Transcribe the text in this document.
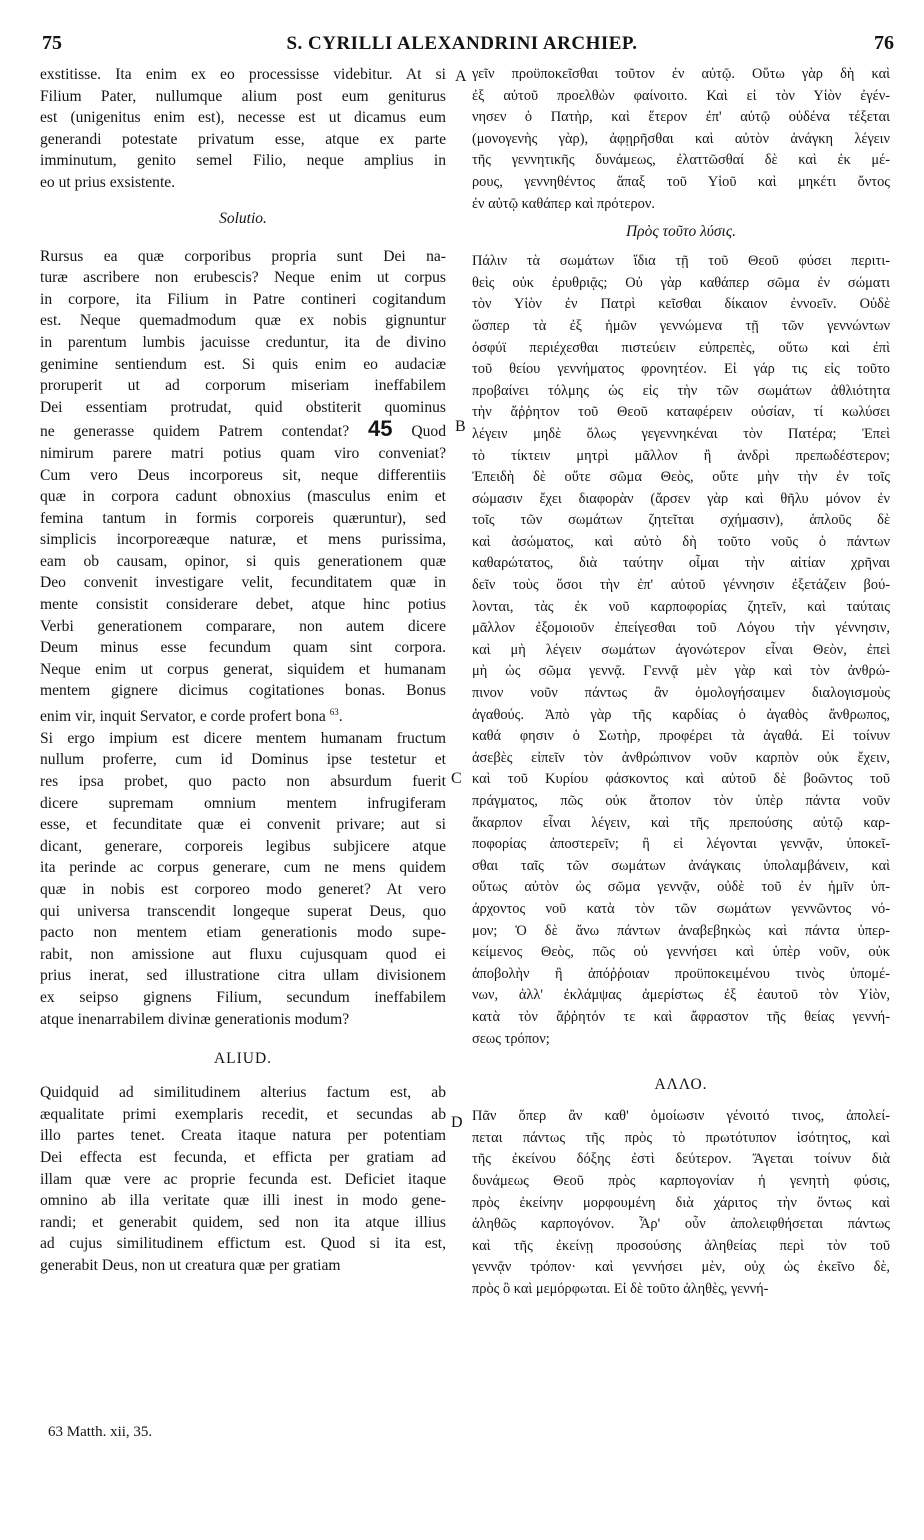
75	S. CYRILLI ALEXANDRINI ARCHIEP.	76
exstitisse. Ita enim ex eo processisse videbitur. At si
Filium Pater, nullumque alium post eum geniturus
est (unigenitus enim est), necesse est ut dicamus eum
generandi potestate privatum esse, atque ex parte
imminutum, genito semel Filio, neque amplius in
eo ut prius exsistente.

Solutio.

Rursus ea quæ corporibus propria sunt Dei na-
turæ ascribere non erubescis? Neque enim ut corpus
in corpore, ita Filium in Patre contineri cogitandum
est. Neque quemadmodum quæ ex nobis gignuntur
in parentum lumbis jacuisse creduntur, ita de divino
genimine sentiendum est. Si quis enim eo audaciæ
proruperit ut ad corporum miseriam ineffabilem
Dei essentiam protrudat, quid obstiterit quominus
ne generasse quidem Patrem contendat? 45 Quod
nimirum parere matri potius quam viro conveniat?
Cum vero Deus incorporeus sit, neque differentiis
quæ in corpora cadunt obnoxius (masculus enim et
femina tantum in formis corporeis quæruntur), sed
simplicis incorporeæque naturæ, et mens purissima,
eam ob causam, opinor, si quis generationem quæ
Deo convenit investigare velit, fecunditatem quæ in
mente consistit considerare debet, atque hinc potius
Verbi generationem comparare, non autem dicere
Deum minus esse fecundum quam sint corpora.
Neque enim ut corpus generat, siquidem et humanam
mentem gignere dicimus cogitationes bonas. Bonus
enim vir, inquit Servator, e corde profert bona $^{63}$.
Si ergo impium est dicere mentem humanam fructum
nullum proferre, cum id Dominus ipse testetur et
res ipsa probet, quo pacto non absurdum fuerit
dicere supremam omnium mentem infrugiferam
esse, et fecunditate quæ ei convenit privare; aut si
dicant, generare, corporeis legibus subjicere atque
ita perinde ac corpus generare, cum ne mens quidem
quæ in nobis est corporeo modo generet? At vero
qui universa transcendit longeque superat Deus, quo
pacto non mentem etiam generationis modo supe-
rabit, non amissione aut fluxu cujusquam quod ei
prius inerat, sed illustratione citra ullam divisionem
ex seipso gignens Filium, secundum ineffabilem
atque inenarrabilem divinæ generationis modum?

ALIUD.

Quidquid ad similitudinem alterius factum est, ab
æqualitate primi exemplaris recedit, et secundas ab
illo partes tenet. Creata itaque natura per potentiam
Dei effecta est fecunda, et efficta per gratiam ad
illam quæ vere ac proprie fecunda est. Deficiet itaque
omnino ab illa veritate quæ illi inest in modo gene-
randi; et generabit quidem, sed non ita atque illius
ad cujus similitudinem effictum est. Quod si ita est,
generabit Deus, non ut creatura quæ per gratiam
γεῖν προϋποκεῖσθαι τοῦτον ἐν αὐτῷ. Οὕτω γὰρ δὴ καὶ
ἐξ αὐτοῦ προελθὼν φαίνοιτο. Καὶ εἰ τὸν Υἱὸν ἐγέν-
νησεν ὁ Πατὴρ, καὶ ἕτερον ἐπ' αὐτῷ οὐδένα τέξεται
(μονογενὴς γὰρ), ἀφῃρῆσθαι καὶ αὐτὸν ἀνάγκη λέγειν
τῆς γεννητικῆς δυνάμεως, ἐλαττῶσθαί δὲ καὶ ἐκ μέ-
ρους, γεννηθέντος ἅπαξ τοῦ Υἱοῦ καὶ μηκέτι ὄντος
ἐν αὐτῷ καθάπερ καὶ πρότερον.

Πρὸς τοῦτο λύσις.

Πάλιν τὰ σωμάτων ἴδια τῇ τοῦ Θεοῦ φύσει περιτι-
θεὶς οὐκ ἐρυθριᾷς; Οὐ γὰρ καθάπερ σῶμα ἐν σώματι
τὸν Υἱὸν ἐν Πατρὶ κεῖσθαι δίκαιον ἐννοεῖν. Οὐδὲ
ὥσπερ τὰ ἐξ ἡμῶν γεννώμενα τῇ τῶν γεννώντων
ὀσφύϊ περιέχεσθαι πιστεύειν εὐπρεπὲς, οὕτω καὶ ἐπὶ
τοῦ θείου γεννήματος φρονητέον. Εἰ γάρ τις εἰς τοῦτο
προβαίνει τόλμης ὡς εἰς τὴν τῶν σωμάτων ἀθλιότητα
τὴν ἄῤῥητον τοῦ Θεοῦ καταφέρειν οὐσίαν, τί κωλύσει
λέγειν μηδὲ ὅλως γεγεννηκέναι τὸν Πατέρα; Ἐπεὶ
τὸ τίκτειν μητρὶ μᾶλλον ἢ ἀνδρὶ πρεπωδέστερον;
Ἐπειδὴ δὲ οὔτε σῶμα Θεὸς, οὔτε μὴν τὴν ἐν τοῖς
σώμασιν ἔχει διαφορὰν (ἄρσεν γὰρ καὶ θῆλυ μόνον ἐν
τοῖς τῶν σωμάτων ζητεῖται σχήμασιν), ἁπλοῦς δὲ
καὶ ἀσώματος, καὶ αὐτὸ δὴ τοῦτο νοῦς ὁ πάντων
καθαρώτατος, διὰ ταύτην οἶμαι τὴν αἰτίαν χρῆναι
δεῖν τοὺς ὅσοι τὴν ἐπ' αὐτοῦ γέννησιν ἐξετάζειν βού-
λονται, τὰς ἐκ νοῦ καρποφορίας ζητεῖν, καὶ ταύταις
μᾶλλον ἐξομοιοῦν ἐπείγεσθαι τοῦ Λόγου τὴν γέννησιν,
καὶ μὴ λέγειν σωμάτων ἀγονώτερον εἶναι Θεὸν, ἐπεὶ
μὴ ὡς σῶμα γεννᾷ. Γεννᾷ μὲν γὰρ καὶ τὸν ἀνθρώ-
πινον νοῦν πάντως ἂν ὁμολογήσαιμεν διαλογισμοὺς
ἀγαθούς. Ἀπὸ γὰρ τῆς καρδίας ὁ ἀγαθὸς ἄνθρωπος,
καθά φησιν ὁ Σωτὴρ, προφέρει τὰ ἀγαθά. Εἰ τοίνυν
ἀσεβὲς εἰπεῖν τὸν ἀνθρώπινον νοῦν καρπὸν οὐκ ἔχειν,
καὶ τοῦ Κυρίου φάσκοντος καὶ αὐτοῦ δὲ βοῶντος τοῦ
πράγματος, πῶς οὐκ ἄτοπον τὸν ὑπὲρ πάντα νοῦν
ἄκαρπον εἶναι λέγειν, καὶ τῆς πρεπούσης αὐτῷ καρ-
ποφορίας ἀποστερεῖν; ἢ εἰ λέγονται γεννᾷν, ὑποκεῖ-
σθαι ταῖς τῶν σωμάτων ἀνάγκαις ὑπολαμβάνειν, καὶ
οὕτως αὐτὸν ὡς σῶμα γεννᾷν, οὐδὲ τοῦ ἐν ἡμῖν ὑπ-
άρχοντος νοῦ κατὰ τὸν τῶν σωμάτων γεννῶντος νό-
μον; Ὁ δὲ ἄνω πάντων ἀναβεβηκὼς καὶ πάντα ὑπερ-
κείμενος Θεὸς, πῶς οὐ γεννήσει καὶ ὑπὲρ νοῦν, οὐκ
ἀποβολὴν ἢ ἀπόῤῥοιαν προϋποκειμένου τινὸς ὑπομέ-
νων, ἀλλ' ἐκλάμψας ἀμερίστως ἐξ ἑαυτοῦ τὸν Υἱὸν,
κατὰ τὸν ἄῤῥητόν τε καὶ ἄφραστον τῆς θείας γεννή-
σεως τρόπον;

ΑΛΛΟ.

Πᾶν ὅπερ ἂν καθ' ὁμοίωσιν γένοιτό τινος, ἀπολεί-
πεται πάντως τῆς πρὸς τὸ πρωτότυπον ἰσότητος, καὶ
τῆς ἐκείνου δόξης ἐστὶ δεύτερον. Ἄγεται τοίνυν διὰ
δυνάμεως Θεοῦ πρὸς καρπογονίαν ἡ γενητὴ φύσις,
πρὸς ἐκείνην μορφουμένη διὰ χάριτος τὴν ὄντως καὶ
ἀληθῶς καρπογόνον. Ἆρ' οὖν ἀπολειφθήσεται πάντως
καὶ τῆς ἐκείνῃ προσούσης ἀληθείας περὶ τὸν τοῦ
γεννᾷν τρόπον· καὶ γεννήσει μὲν, οὐχ ὡς ἐκεῖνο δὲ,
πρὸς ὃ καὶ μεμόρφωται. Εἰ δὲ τοῦτο ἀληθὲς, γεννή-
A
B
C
D
63 Matth. xii, 35.
